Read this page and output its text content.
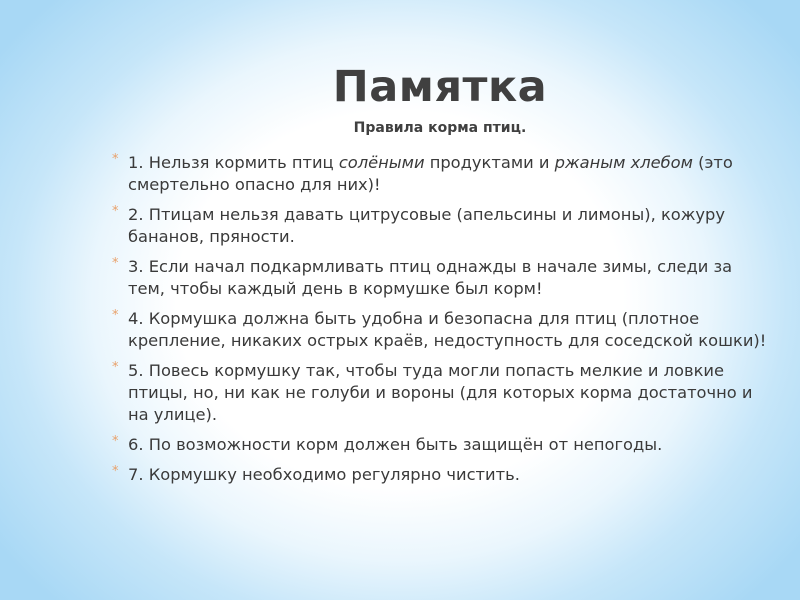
Памятка
Правила корма птиц.
* 1. Нельзя кормить птиц солёными продуктами и ржаным хлебом (это смертельно опасно для них)!
* 2. Птицам нельзя давать цитрусовые (апельсины и лимоны), кожуру бананов, пряности.
* 3. Если начал подкармливать птиц однажды в начале зимы, следи за тем, чтобы каждый день в кормушке был корм!
* 4. Кормушка должна быть удобна и безопасна для птиц (плотное крепление, никаких острых краёв, недоступность для соседской кошки)!
* 5. Повесь кормушку так, чтобы туда могли попасть мелкие и ловкие птицы, но, ни как не голуби и вороны (для которых корма достаточно и на улице).
* 6. По возможности корм должен быть защищён от непогоды.
* 7. Кормушку необходимо регулярно чистить.
